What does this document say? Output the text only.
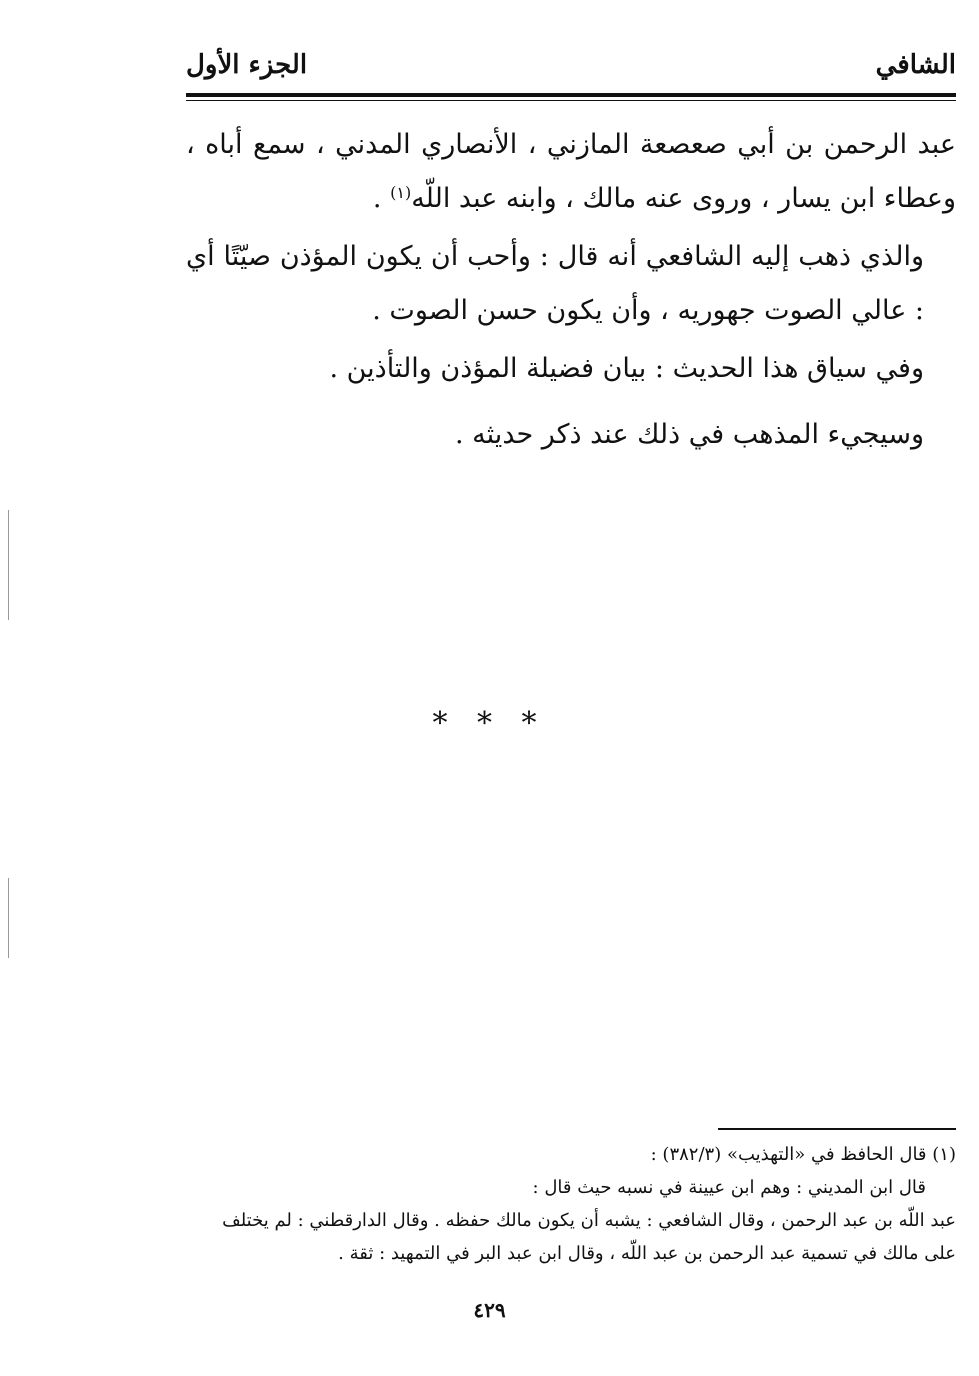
الشافي
الجزء الأول

عبد الرحمن بن أبي صعصعة المازني ، الأنصاري المدني ، سمع أباه ، وعطاء ابن يسار ، وروى عنه مالك ، وابنه عبد اللّه$^{(١)}$ .

والذي ذهب إليه الشافعي أنه قال : وأحب أن يكون المؤذن صيّتًا أي : عالي الصوت جهوريه ، وأن يكون حسن الصوت .

وفي سياق هذا الحديث : بيان فضيلة المؤذن والتأذين .

وسيجيء المذهب في ذلك عند ذكر حديثه .

* * *

(١) قال الحافظ في «التهذيب» (٣٨٢/٣) :

قال ابن المديني : وهم ابن عيينة في نسبه حيث قال :

عبد اللّه بن عبد الرحمن ، وقال الشافعي : يشبه أن يكون مالك حفظه . وقال الدارقطني : لم يختلف على مالك في تسمية عبد الرحمن بن عبد اللّه ، وقال ابن عبد البر في التمهيد : ثقة .

٤٢٩
